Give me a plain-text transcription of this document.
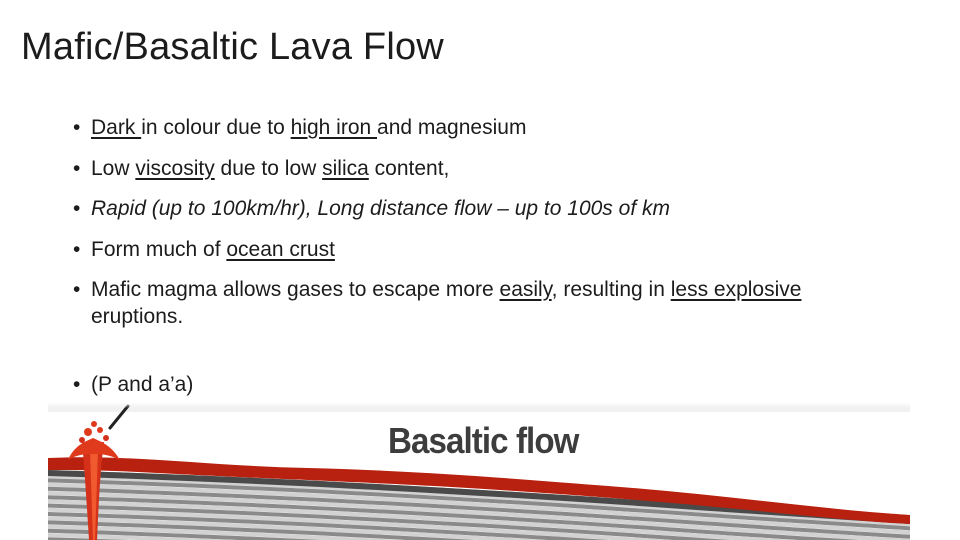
Mafic/Basaltic Lava Flow
• Dark in colour due to high iron and magnesium
• Low viscosity due to low silica content,
• Rapid (up to 100km/hr), Long distance flow – up to 100s of km
• Form much of ocean crust
• Mafic magma allows gases to escape more easily, resulting in less explosive eruptions.
• (P and a’a)
Basaltic flow
